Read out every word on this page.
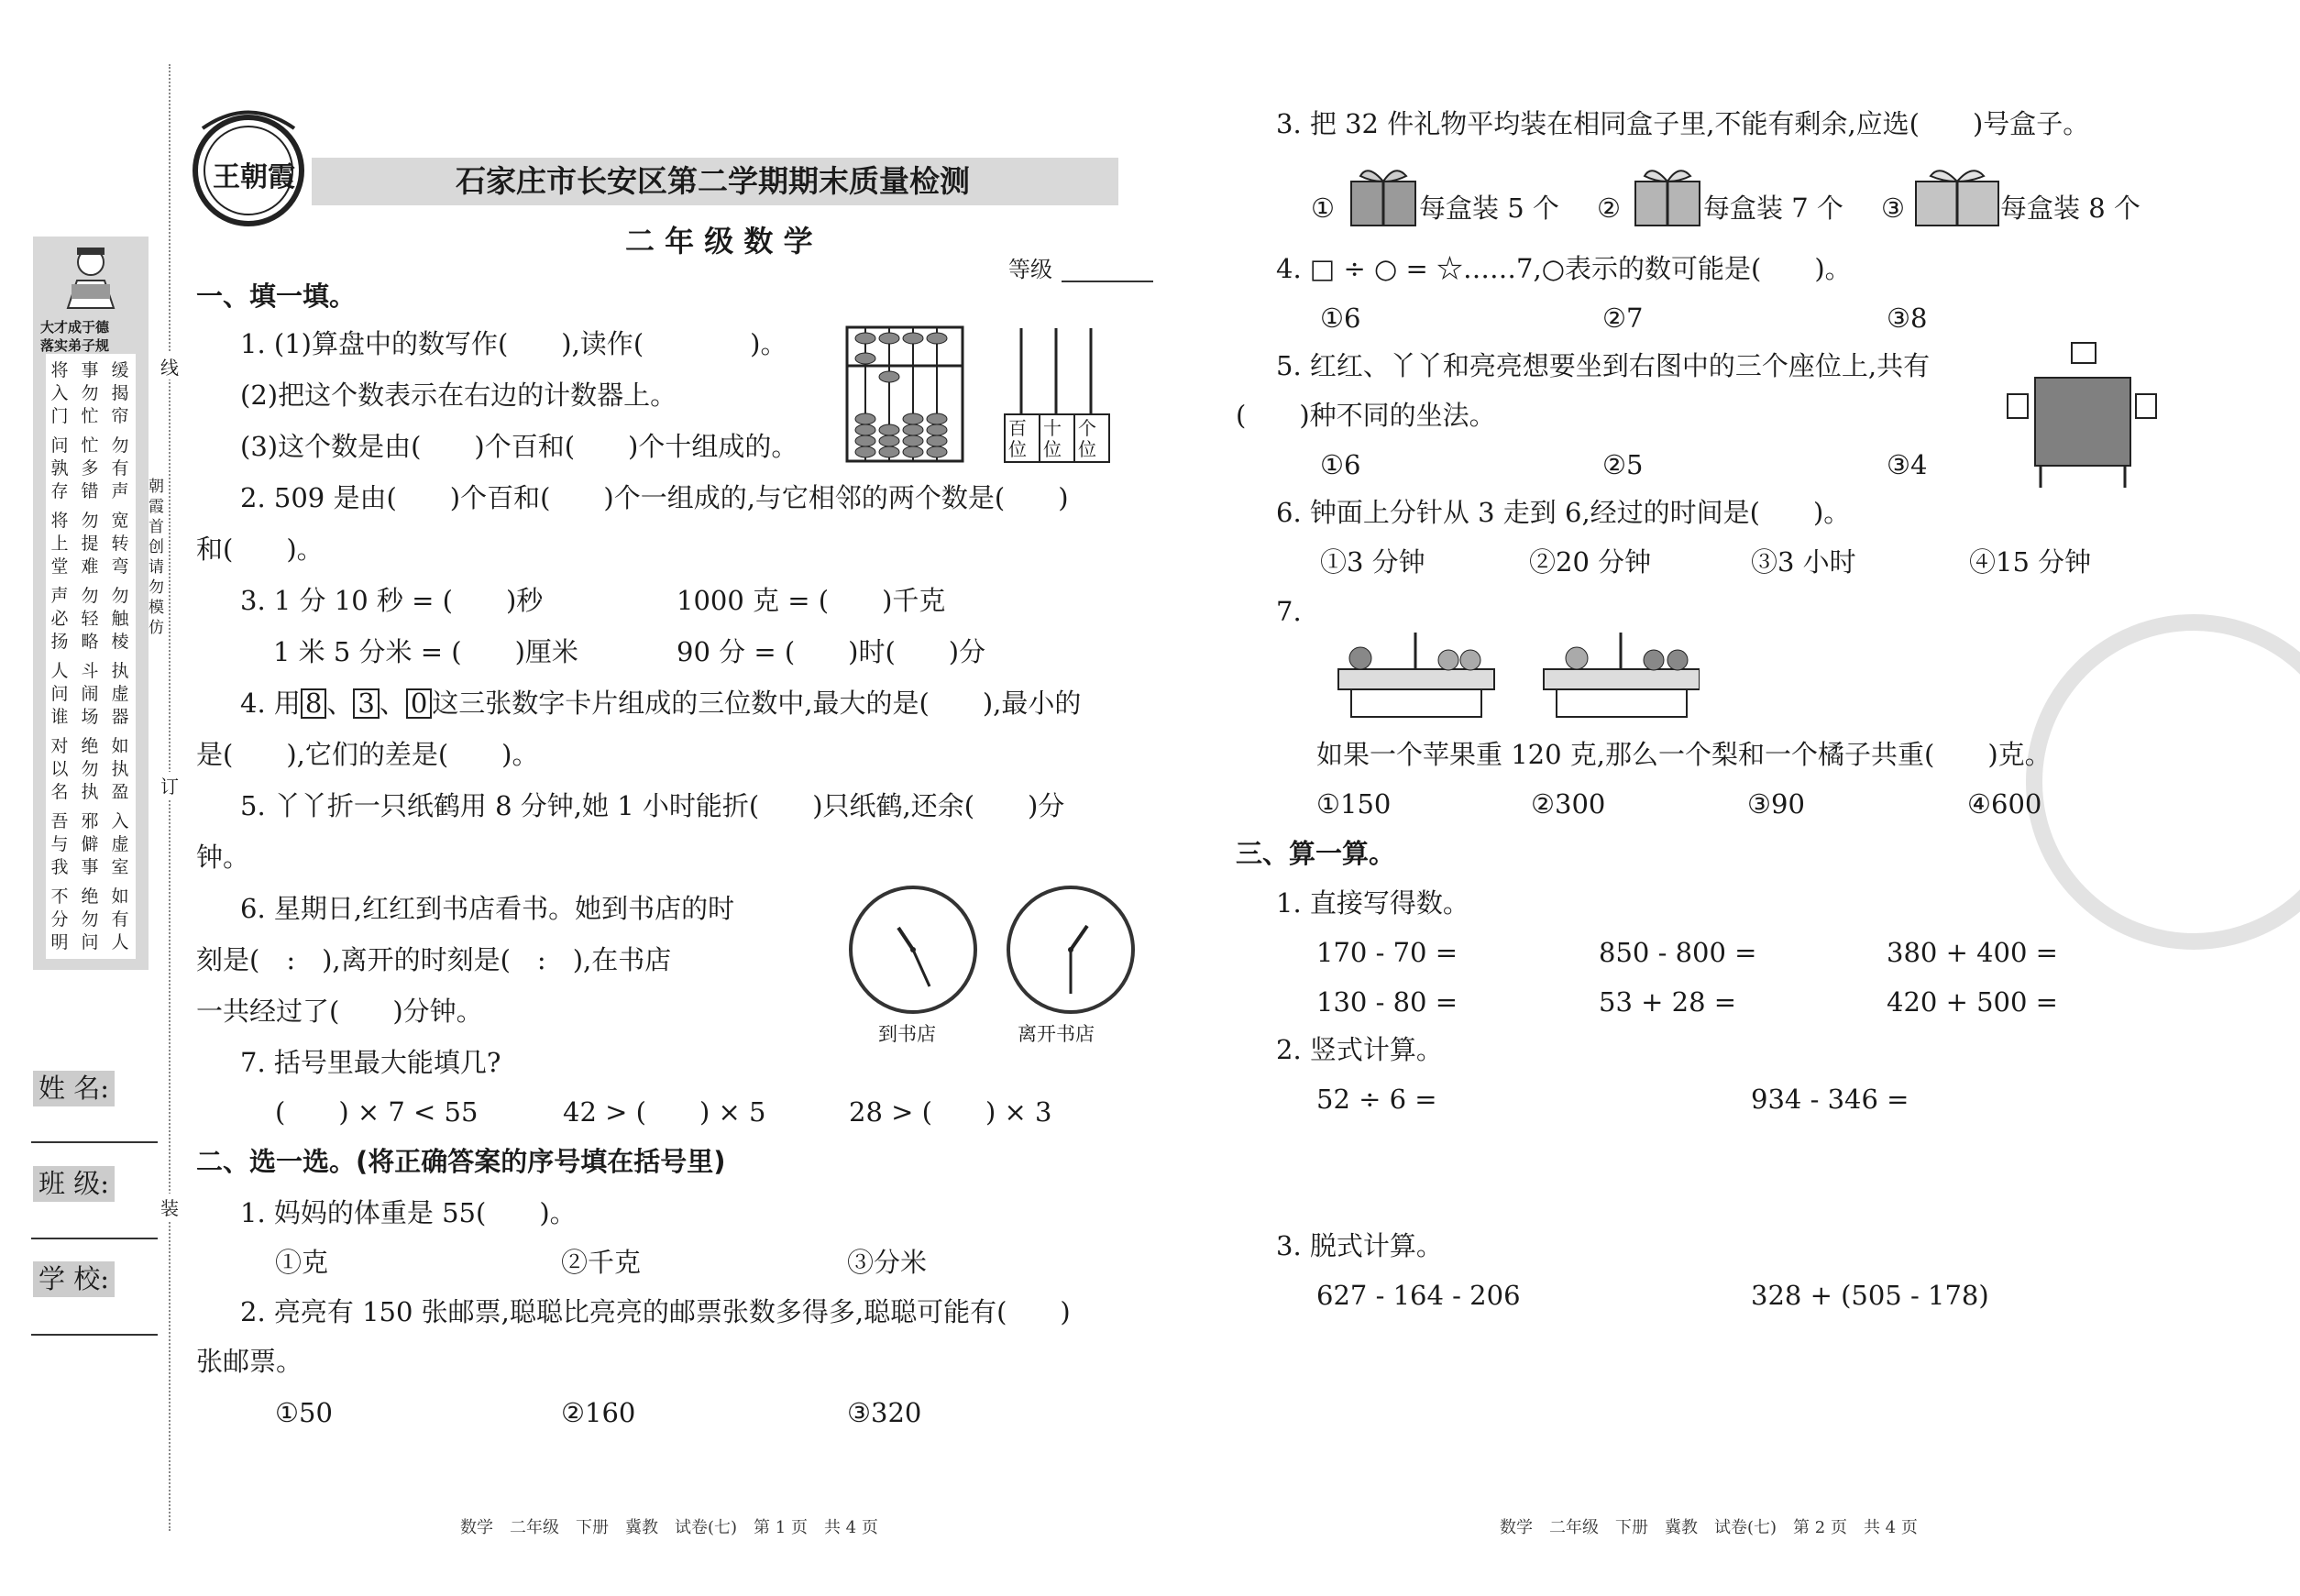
线
朝霞首创 请勿模仿
订
装
大才成于德
落实弟子规
将入门
事勿忙
缓揭帘
问孰存
忙多错
勿有声
将上堂
勿提难
宽转弯
声必扬
勿轻略
勿触棱
人问谁
斗闹场
执虚器
对以名
绝勿执
如执盈
吾与我
邪僻事
入虚室
不分明
绝勿问
如有人
姓 名:
班 级:
学 校:
王朝霞	石家庄市长安区第二学期期末质量检测
二 年 级 数 学
等级
一、填一填。
1. (1)算盘中的数写作(　　),读作(　　　　)。
(2)把这个数表示在右边的计数器上。
(3)这个数是由(　　)个百和(　　)个十组成的。
百位
十位
个位
2. 509 是由(　　)个百和(　　)个一组成的,与它相邻的两个数是(　　)
和(　　)。
3. 1 分 10 秒 = (　　)秒	1000 克 = (　　)千克
1 米 5 分米 = (　　)厘米	90 分 = (　　)时(　　)分
4. 用 8 、 3 、 0 这三张数字卡片组成的三位数中,最大的是(　　),最小的
是(　　),它们的差是(　　)。
5. 丫丫折一只纸鹤用 8 分钟,她 1 小时能折(　　)只纸鹤,还余(　　)分
钟。
6. 星期日,红红到书店看书。她到书店的时
刻是(　:　),离开的时刻是(　:　),在书店
一共经过了(　　)分钟。
到书店	离开书店
7. 括号里最大能填几?
(　　) × 7 < 55	42 > (　　) × 5	28 > (　　) × 3
二、选一选。(将正确答案的序号填在括号里)
1. 妈妈的体重是 55(　　)。
①克	②千克	③分米
2. 亮亮有 150 张邮票,聪聪比亮亮的邮票张数多得多,聪聪可能有(　　)
张邮票。
①50	②160	③320
数学　二年级　下册　冀教　试卷(七)　第 1 页　共 4 页
3. 把 32 件礼物平均装在相同盒子里,不能有剩余,应选(　　)号盒子。
①	每盒装 5 个 ②	每盒装 7 个 ③	每盒装 8 个
4. □ ÷ ○ = ☆……7,○表示的数可能是(　　)。
①6	②7	③8
5. 红红、丫丫和亮亮想要坐到右图中的三个座位上,共有
(　　)种不同的坐法。
①6	②5	③4
6. 钟面上分针从 3 走到 6,经过的时间是(　　)。
①3 分钟	②20 分钟	③3 小时	④15 分钟
7.
如果一个苹果重 120 克,那么一个梨和一个橘子共重(　　)克。
①150	②300	③90	④600
三、算一算。
1. 直接写得数。
170 - 70 =	850 - 800 =	380 + 400 =
130 - 80 =	53 + 28 =	420 + 500 =
2. 竖式计算。
52 ÷ 6 =	934 - 346 =
3. 脱式计算。
627 - 164 - 206	328 + (505 - 178)
数学　二年级　下册　冀教　试卷(七)　第 2 页　共 4 页
